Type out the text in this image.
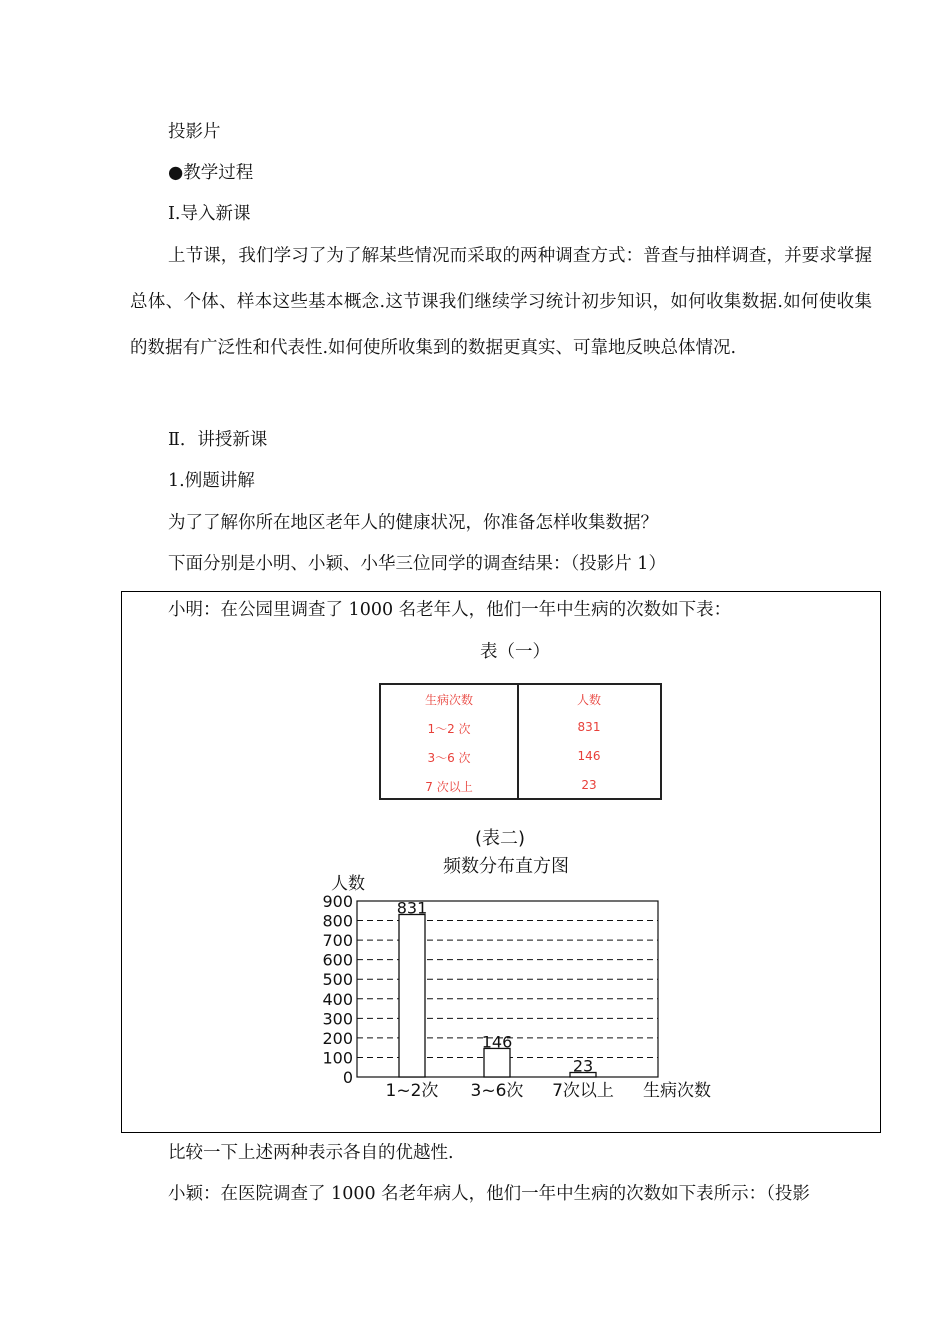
投影片
●教学过程
Ⅰ.导入新课
上节课，我们学习了为了解某些情况而采取的两种调查方式：普查与抽样调查，并要求掌握总体、个体、样本这些基本概念.这节课我们继续学习统计初步知识，如何收集数据.如何使收集的数据有广泛性和代表性.如何使所收集到的数据更真实、可靠地反映总体情况.
Ⅱ．讲授新课
1.例题讲解
为了了解你所在地区老年人的健康状况，你准备怎样收集数据？
下面分别是小明、小颖、小华三位同学的调查结果：（投影片 1）
小明：在公园里调查了 1000 名老年人，他们一年中生病的次数如下表：
表（一）
生病次数	人数
1～2 次	831
3～6 次	146
7 次以上	23
(表二)
频数分布直方图
人数
生病次数
0
100
200
300
400
500
600
700
800
900	831
1~2次
146
3~6次
23
7次以上
比较一下上述两种表示各自的优越性.
小颖：在医院调查了 1000 名老年病人，他们一年中生病的次数如下表所示：（投影
